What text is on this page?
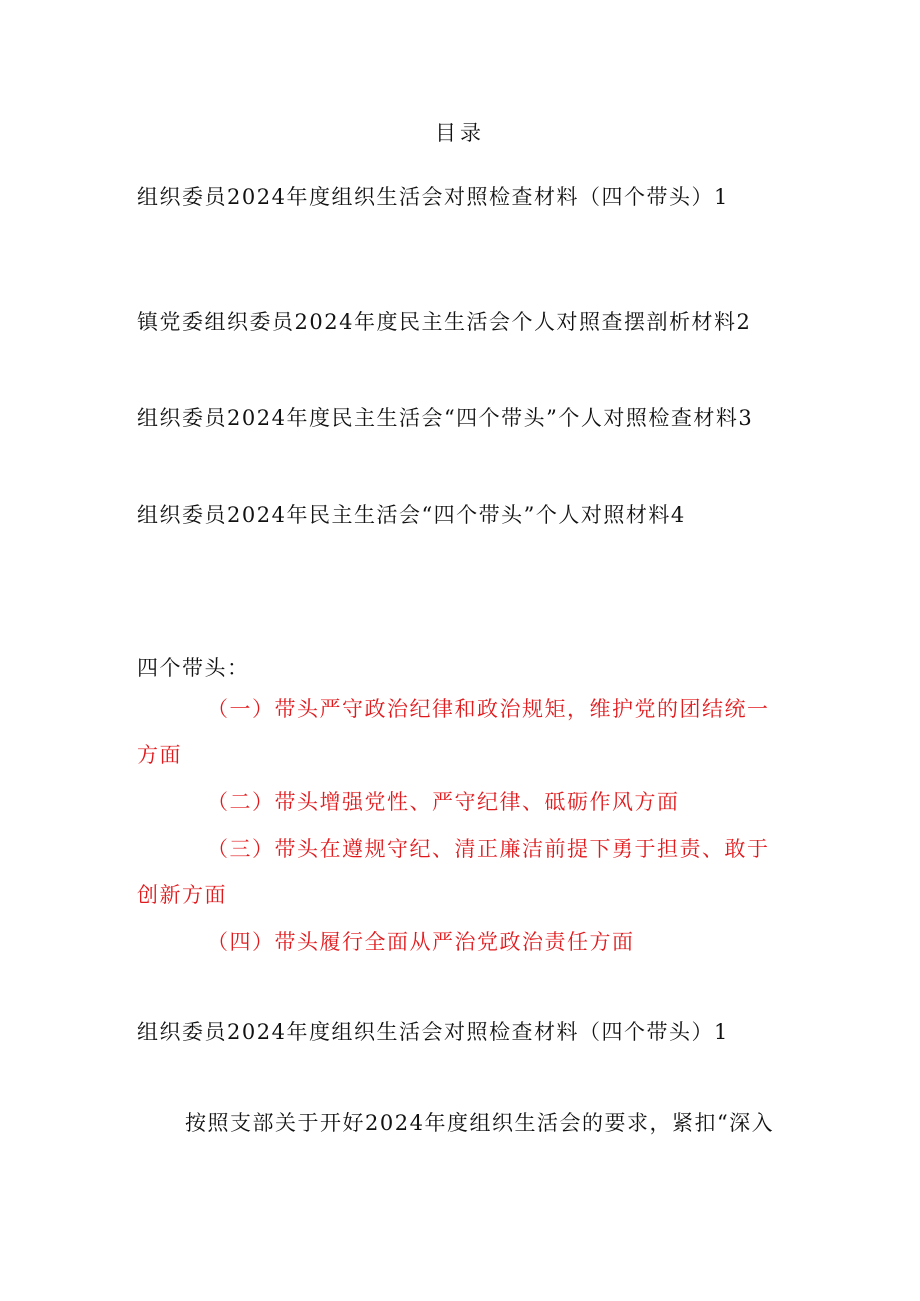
目录
组织委员2024年度组织生活会对照检查材料（四个带头）1
镇党委组织委员2024年度民主生活会个人对照查摆剖析材料2
组织委员2024年度民主生活会“四个带头”个人对照检查材料3
组织委员2024年民主生活会“四个带头”个人对照材料4
四个带头：
（一）带头严守政治纪律和政治规矩，维护党的团结统一方面
（二）带头增强党性、严守纪律、砥砺作风方面
（三）带头在遵规守纪、清正廉洁前提下勇于担责、敢于创新方面
（四）带头履行全面从严治党政治责任方面
组织委员2024年度组织生活会对照检查材料（四个带头）1
按照支部关于开好2024年度组织生活会的要求，紧扣“深入
